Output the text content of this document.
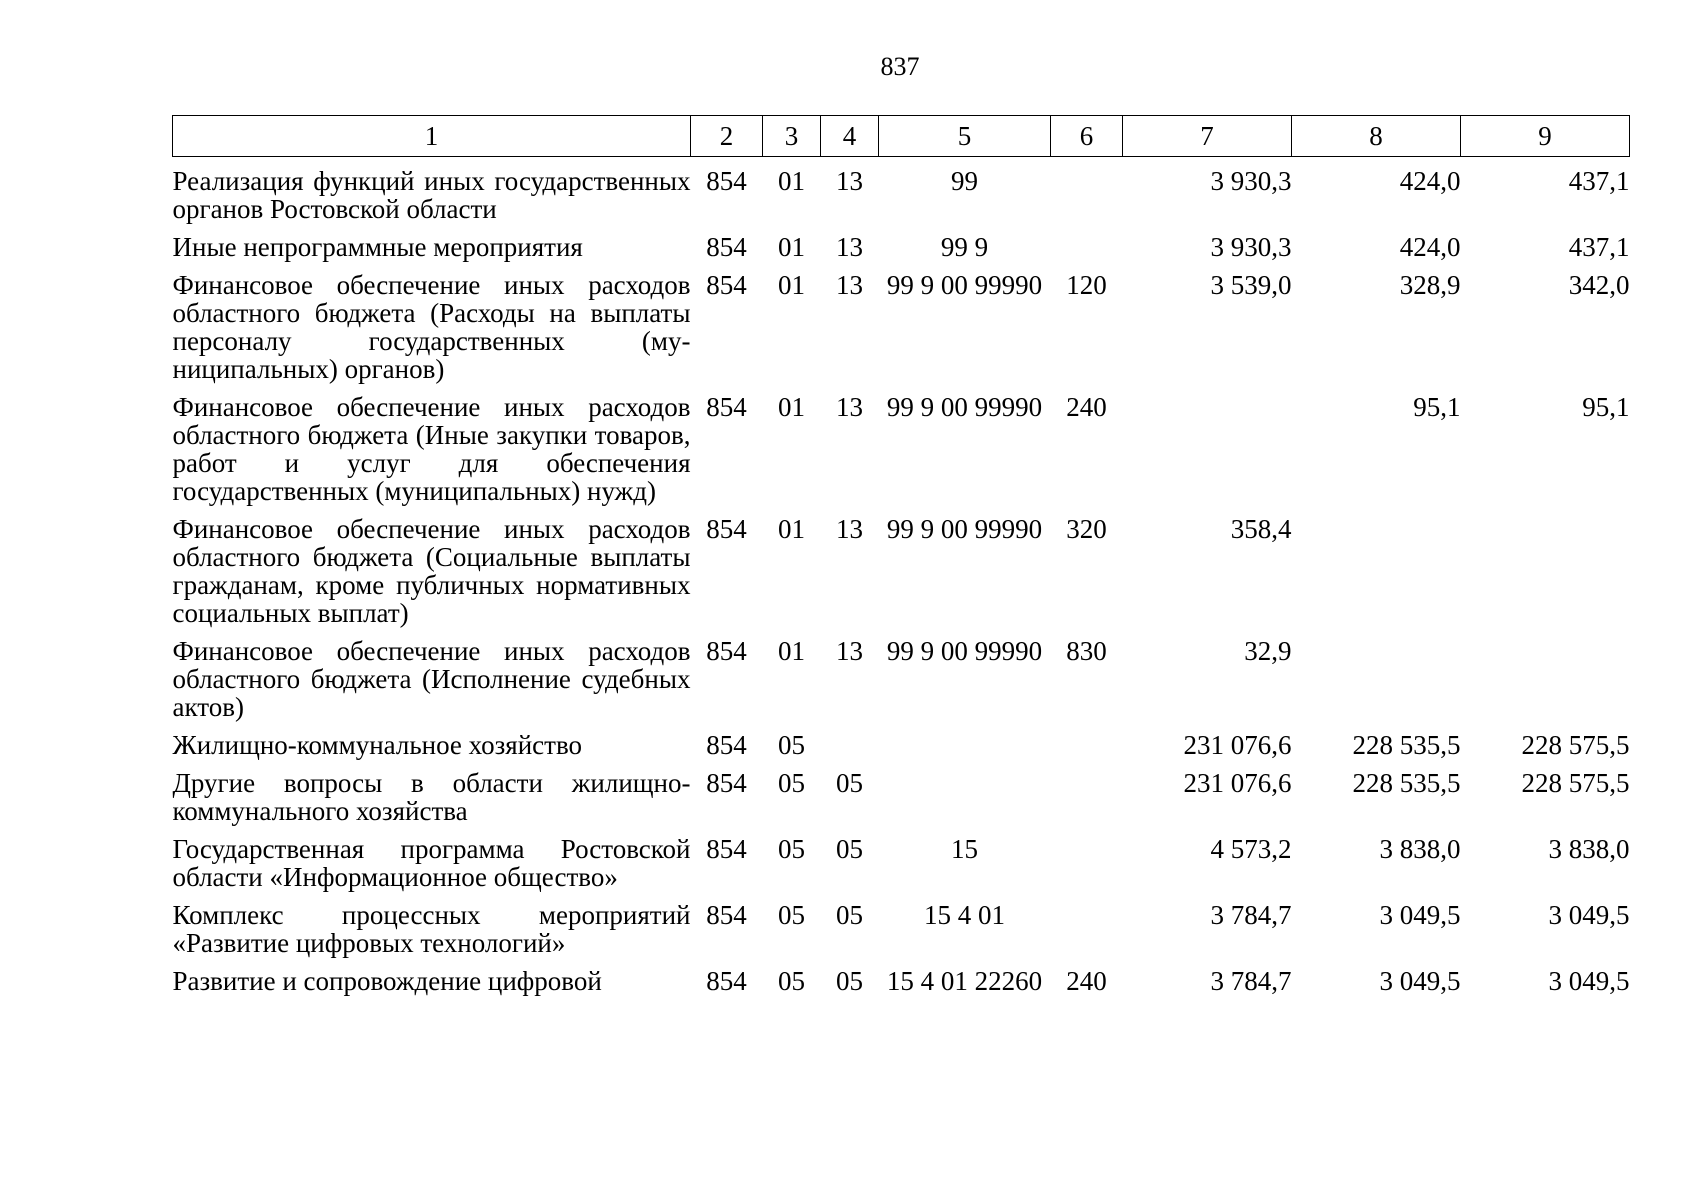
837
1	2	3	4	5	6	7	8	9
Реализация функций иных государственных органов Ростовской области	854	01	13	99		3 930,3	424,0	437,1
Иные непрограммные мероприятия	854	01	13	99 9		3 930,3	424,0	437,1
Финансовое обеспечение иных расходов областного бюджета (Расходы на выплаты персоналу государственных (муниципальных) органов)	854	01	13	99 9 00 99990	120	3 539,0	328,9	342,0
Финансовое обеспечение иных расходов областного бюджета (Иные закупки товаров, работ и услуг для обеспечения государственных (муниципальных) нужд)	854	01	13	99 9 00 99990	240		95,1	95,1
Финансовое обеспечение иных расходов областного бюджета (Социальные выплаты гражданам, кроме публичных нормативных социальных выплат)	854	01	13	99 9 00 99990	320	358,4		
Финансовое обеспечение иных расходов областного бюджета (Исполнение судебных актов)	854	01	13	99 9 00 99990	830	32,9		
Жилищно-коммунальное хозяйство	854	05				231 076,6	228 535,5	228 575,5
Другие вопросы в области жилищно-коммунального хозяйства	854	05	05			231 076,6	228 535,5	228 575,5
Государственная программа Ростовской области «Информационное общество»	854	05	05	15		4 573,2	3 838,0	3 838,0
Комплекс процессных мероприятий «Развитие цифровых технологий»	854	05	05	15 4 01		3 784,7	3 049,5	3 049,5
Развитие и сопровождение цифровой	854	05	05	15 4 01 22260	240	3 784,7	3 049,5	3 049,5
